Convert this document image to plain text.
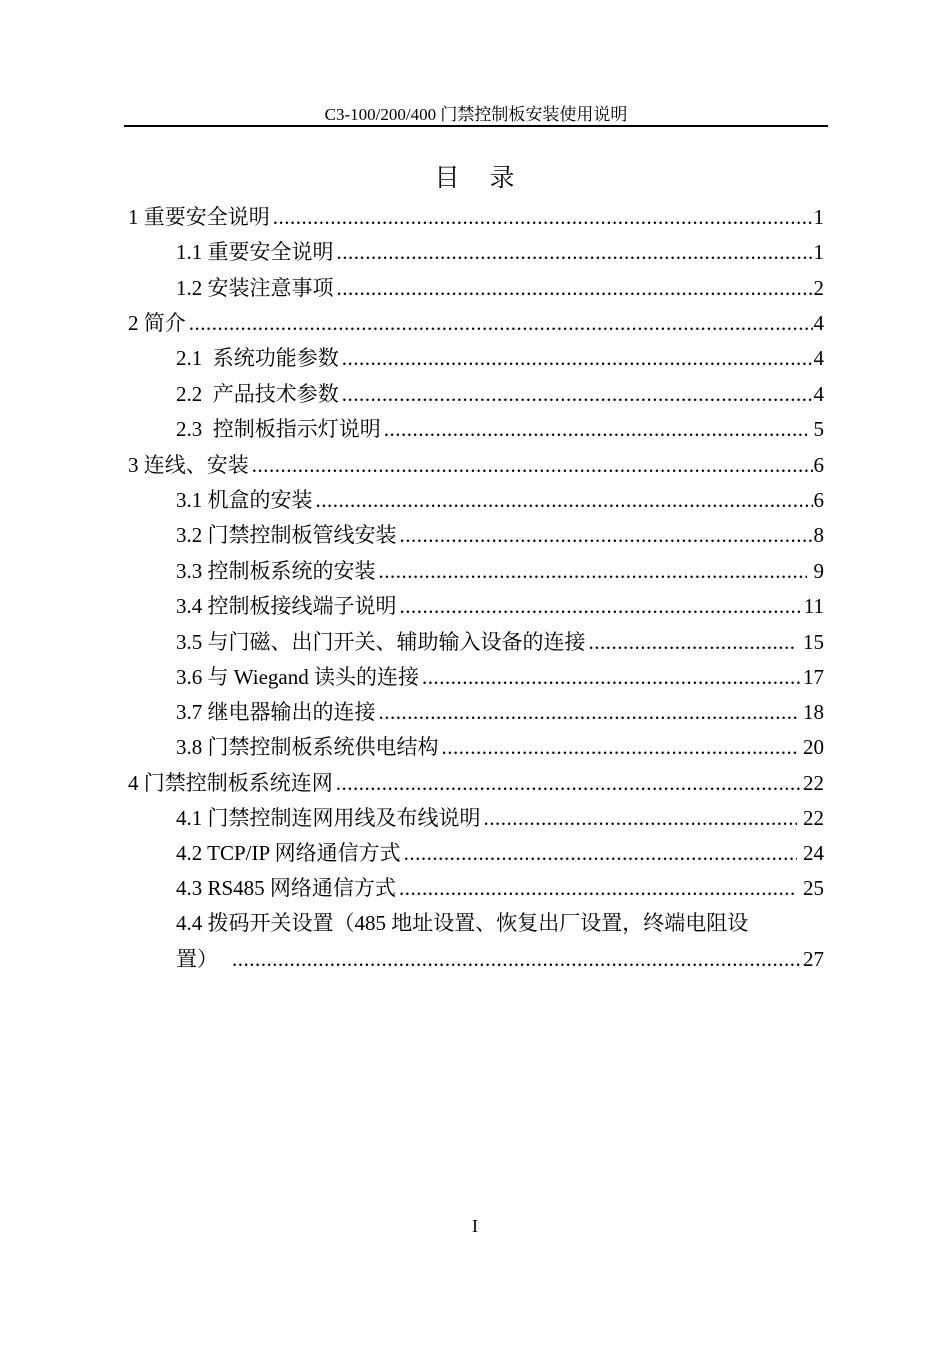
C3-100/200/400 门禁控制板安装使用说明
目    录
1 重要安全说明 .....	1
1.1 重要安全说明 .....	1
1.2 安装注意事项 .....	2
2 简介 .....	4
2.1  系统功能参数 .....	4
2.2  产品技术参数 .....	4
2.3  控制板指示灯说明 .....	5
3 连线、安装 .....	6
3.1 机盒的安装 .....	6
3.2 门禁控制板管线安装 .....	8
3.3 控制板系统的安装 .....	9
3.4 控制板接线端子说明 .....	11
3.5 与门磁、出门开关、辅助输入设备的连接 .....	15
3.6 与 Wiegand 读头的连接 .....	17
3.7 继电器输出的连接 .....	18
3.8 门禁控制板系统供电结构 .....	20
4 门禁控制板系统连网 .....	22
4.1 门禁控制连网用线及布线说明 .....	22
4.2 TCP/IP 网络通信方式 .....	24
4.3 RS485 网络通信方式 .....	25
4.4 拨码开关设置（485 地址设置、恢复出厂设置，终端电阻设
置） .....	27
I
